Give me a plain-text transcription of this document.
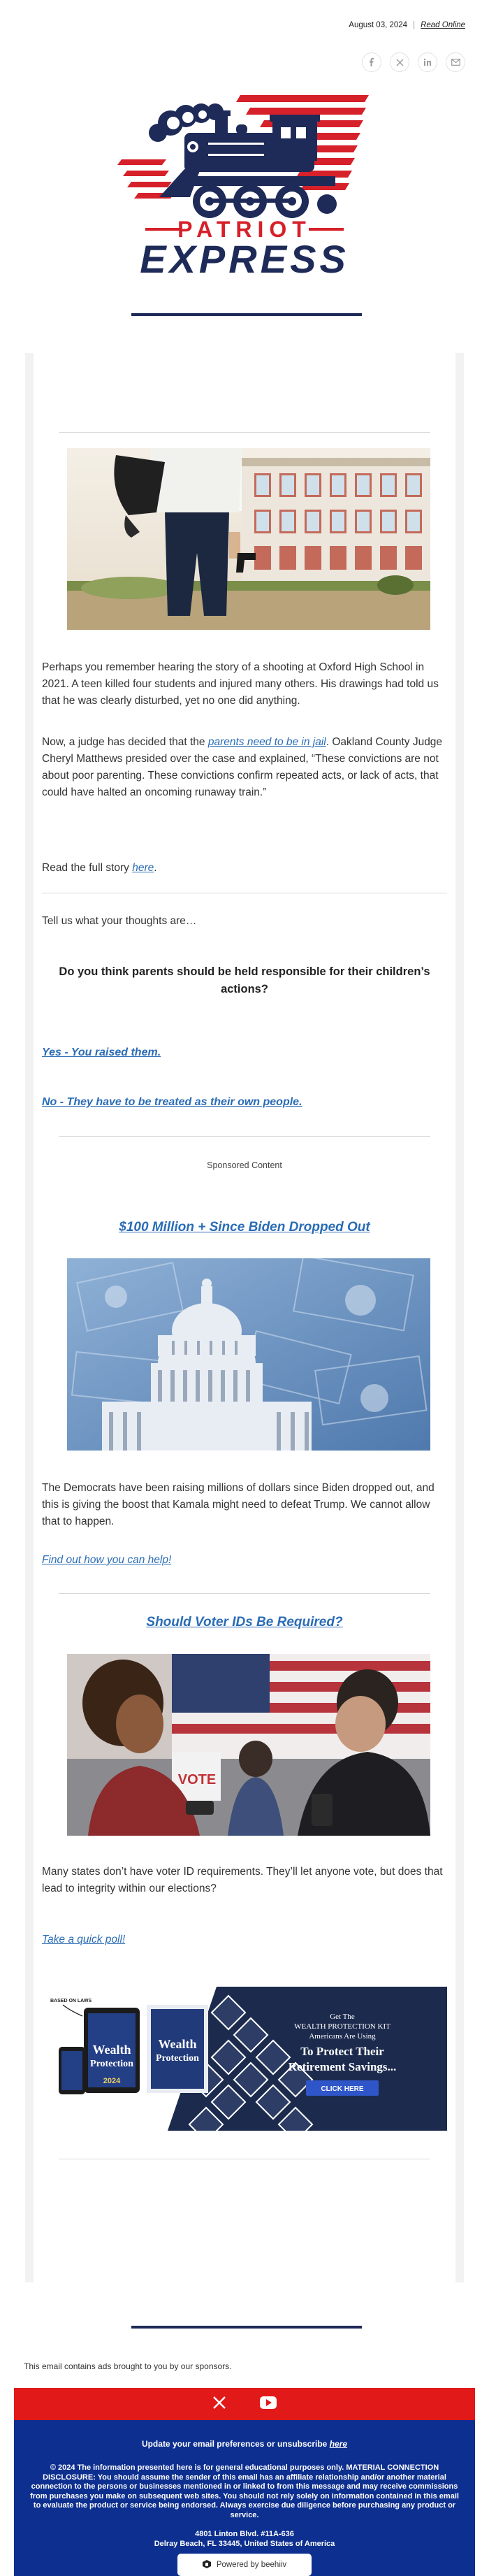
August 03, 2024 | Read Online
PATRIOT
EXPRESS

Perhaps you remember hearing the story of a shooting at Oxford High School in 2021. A teen killed four students and injured many others. His drawings had told us that he was clearly disturbed, yet no one did anything.

Now, a judge has decided that the parents need to be in jail. Oakland County Judge Cheryl Matthews presided over the case and explained, “These convictions are not about poor parenting. These convictions confirm repeated acts, or lack of acts, that could have halted an oncoming runaway train.”

Read the full story here.

Tell us what your thoughts are…

Do you think parents should be held responsible for their children’s actions?

Yes - You raised them.
No - They have to be treated as their own people.
Sponsored Content
$100 Million + Since Biden Dropped Out

The Democrats have been raising millions of dollars since Biden dropped out, and this is giving the boost that Kamala might need to defeat Trump. We cannot allow that to happen.

Find out how you can help!

Should Voter IDs Be Required?
VOTE

Many states don’t have voter ID requirements. They’ll let anyone vote, but does that lead to integrity within our elections?

Take a quick poll!

Wealth
Protection
Wealth
Protection
2024
BASED ON LAWS
Get The
WEALTH PROTECTION KIT
Americans Are Using
To Protect Their
Retirement Savings...
CLICK HERE

This email contains ads brought to you by our sponsors.

Update your email preferences or unsubscribe here

© 2024 The information presented here is for general educational purposes only. MATERIAL CONNECTION DISCLOSURE: You should assume the sender of this email has an affiliate relationship and/or another material connection to the persons or businesses mentioned in or linked to from this message and may receive commissions from purchases you make on subsequent web sites. You should not rely solely on information contained in this email to evaluate the product or service being endorsed. Always exercise due diligence before purchasing any product or service.

4801 Linton Blvd. #11A-636
Delray Beach, FL 33445, United States of America
Powered by beehiiv
